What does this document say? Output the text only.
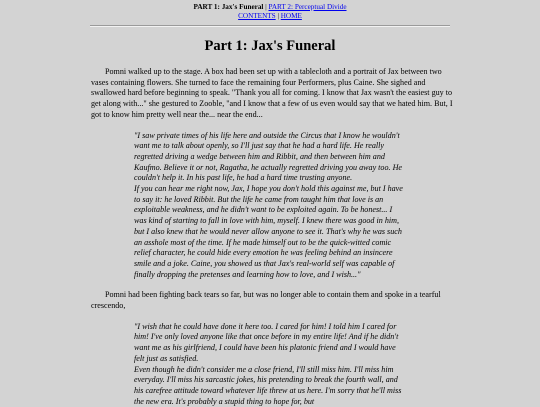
PART 1: Jax's Funeral | PART 2: Perceptual Divide
CONTENTS | HOME
Part 1: Jax's Funeral

Pomni walked up to the stage. A box had been set up with a tablecloth and a portrait of Jax between two vases containing flowers. She turned to face the remaining four Performers, plus Caine. She sighed and swallowed hard before beginning to speak. "Thank you all for coming. I know that Jax wasn't the easiest guy to get along with..." she gestured to Zooble, "and I know that a few of us even would say that we hated him. But, I got to know him pretty well near the... near the end...

"I saw private times of his life here and outside the Circus that I know he wouldn't want me to talk about openly, so I'll just say that he had a hard life. He really regretted driving a wedge between him and Ribbit, and then between him and Kaufmo. Believe it or not, Ragatha, he actually regretted driving you away too. He couldn't help it. In his past life, he had a hard time trusting anyone.
If you can hear me right now, Jax, I hope you don't hold this against me, but I have to say it: he loved Ribbit. But the life he came from taught him that love is an exploitable weakness, and he didn't want to be exploited again. To be honest... I was kind of starting to fall in love with him, myself. I knew there was good in him, but I also knew that he would never allow anyone to see it. That's why he was such an asshole most of the time. If he made himself out to be the quick-witted comic relief character, he could hide every emotion he was feeling behind an insincere smile and a joke. Caine, you showed us that Jax's real-world self was capable of finally dropping the pretenses and learning how to love, and I wish..."

Pomni had been fighting back tears so far, but was no longer able to contain them and spoke in a tearful crescendo,

"I wish that he could have done it here too. I cared for him! I told him I cared for him! I've only loved anyone like that once before in my entire life! And if he didn't want me as his girlfriend, I could have been his platonic friend and I would have felt just as satisfied.
Even though he didn't consider me a close friend, I'll still miss him. I'll miss him everyday. I'll miss his sarcastic jokes, his pretending to break the fourth wall, and his carefree attitude toward whatever life threw at us here. I'm sorry that he'll miss the new era. It's probably a stupid thing to hope for, but
